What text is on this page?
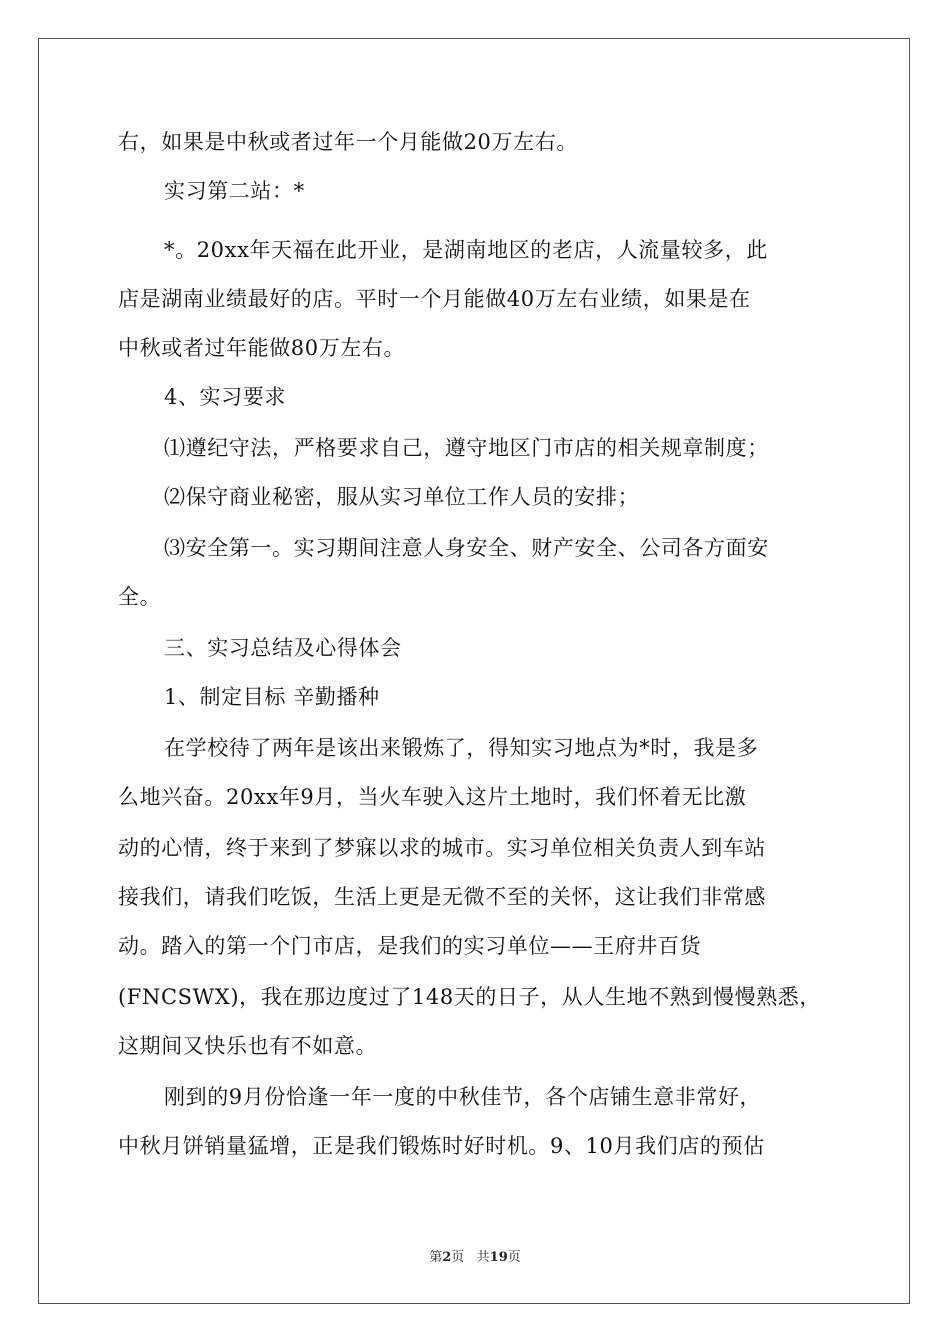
右，如果是中秋或者过年一个月能做20万左右。
实习第二站：*
*。20xx年天福在此开业，是湖南地区的老店，人流量较多，此
店是湖南业绩最好的店。平时一个月能做40万左右业绩，如果是在
中秋或者过年能做80万左右。
4、实习要求
⑴遵纪守法，严格要求自己，遵守地区门市店的相关规章制度；
⑵保守商业秘密，服从实习单位工作人员的安排；
⑶安全第一。实习期间注意人身安全、财产安全、公司各方面安
全。
三、实习总结及心得体会
1、制定目标 辛勤播种
在学校待了两年是该出来锻炼了，得知实习地点为*时，我是多
么地兴奋。20xx年9月，当火车驶入这片土地时，我们怀着无比激
动的心情，终于来到了梦寐以求的城市。实习单位相关负责人到车站
接我们，请我们吃饭，生活上更是无微不至的关怀，这让我们非常感
动。踏入的第一个门市店，是我们的实习单位——王府井百货
(FNCSWX)，我在那边度过了148天的日子，从人生地不熟到慢慢熟悉，
这期间又快乐也有不如意。
刚到的9月份恰逢一年一度的中秋佳节，各个店铺生意非常好，
中秋月饼销量猛增，正是我们锻炼时好时机。9、10月我们店的预估
第2页   共19页
